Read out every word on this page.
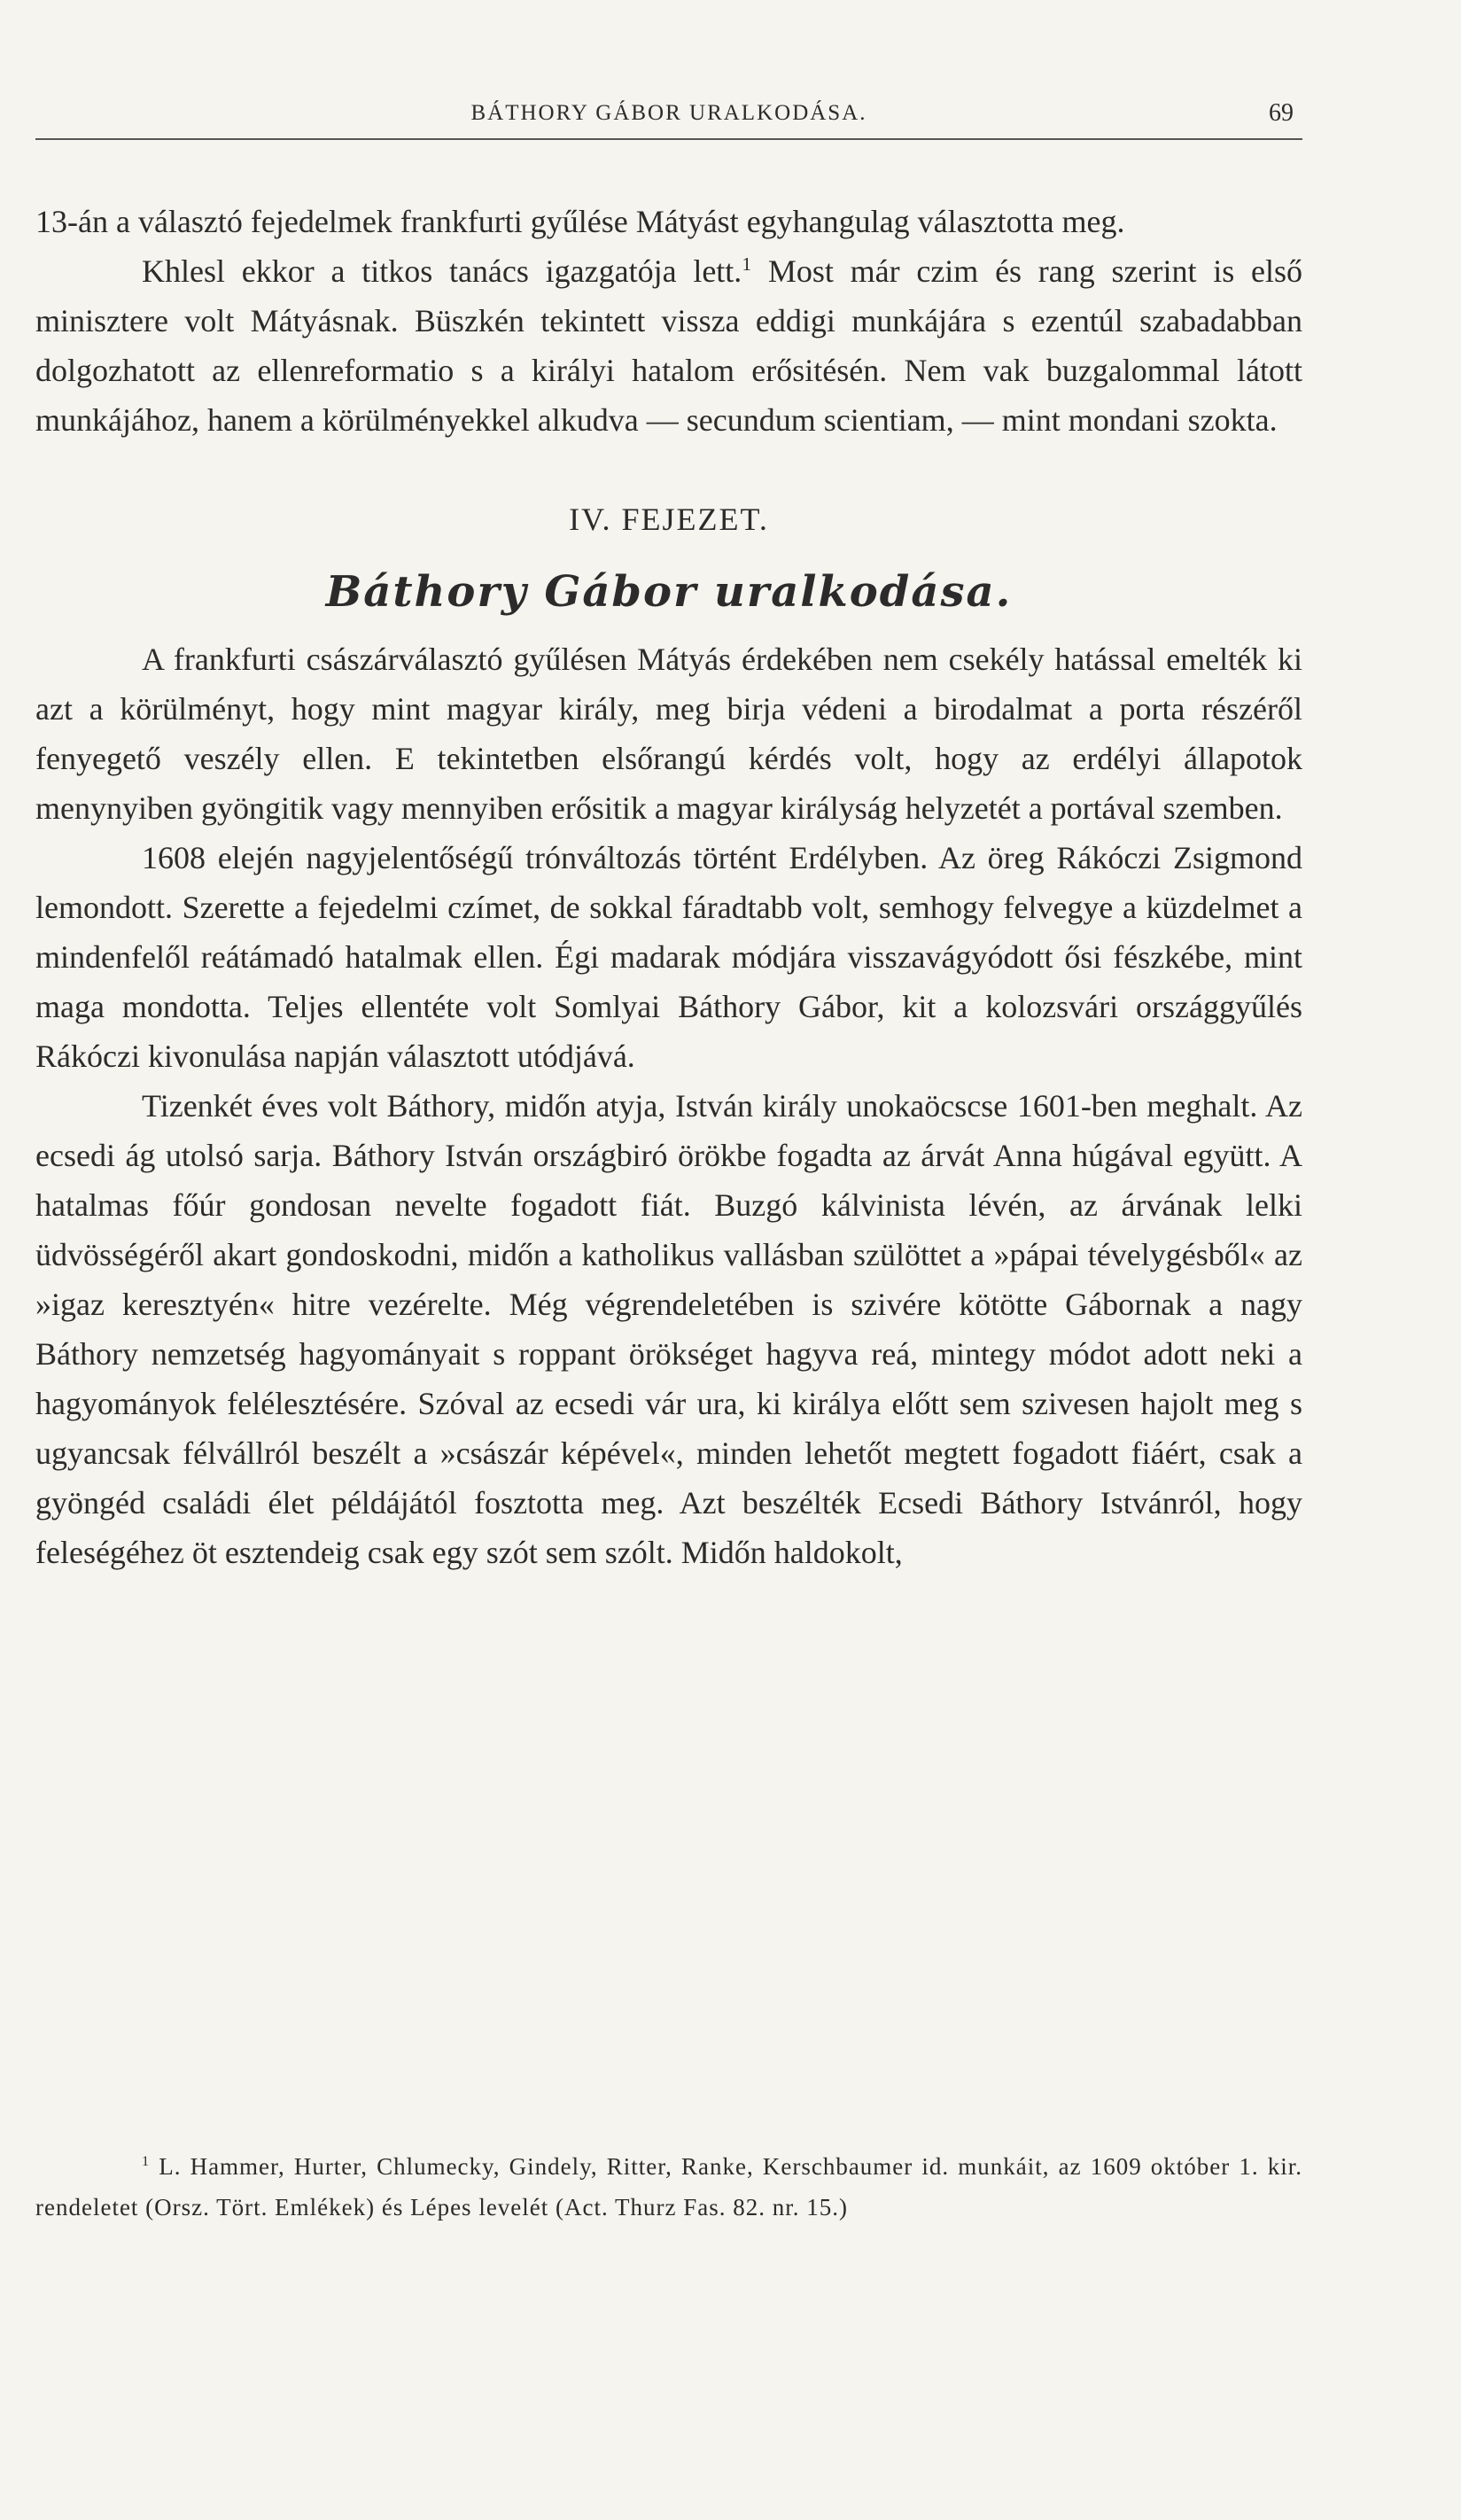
BÁTHORY GÁBOR URALKODÁSA.	69

13-án a választó fejedelmek frankfurti gyűlése Mátyást egyhangulag választotta meg.

Khlesl ekkor a titkos tanács igazgatója lett.$^1$ Most már czim és rang szerint is első minisztere volt Mátyásnak. Büszkén tekintett vissza eddigi munkájára s ezentúl szabadabban dolgozhatott az ellenreformatio s a királyi hatalom erősitésén. Nem vak buzgalommal látott munkájához, hanem a körülményekkel alkudva — secundum scientiam, — mint mondani szokta.

IV. FEJEZET.
Báthory Gábor uralkodása.

A frankfurti császárválasztó gyűlésen Mátyás érdekében nem csekély hatással emelték ki azt a körülményt, hogy mint magyar király, meg birja védeni a birodalmat a porta részéről fenyegető veszély ellen. E tekintetben elsőrangú kérdés volt, hogy az erdélyi állapotok menynyiben gyöngitik vagy mennyiben erősitik a magyar királyság helyzetét a portával szemben.

1608 elején nagyjelentőségű trónváltozás történt Erdélyben. Az öreg Rákóczi Zsigmond lemondott. Szerette a fejedelmi czímet, de sokkal fáradtabb volt, semhogy felvegye a küzdelmet a mindenfelől reátámadó hatalmak ellen. Égi madarak módjára visszavágyódott ősi fészkébe, mint maga mondotta. Teljes ellentéte volt Somlyai Báthory Gábor, kit a kolozsvári országgyűlés Rákóczi kivonulása napján választott utódjává.

Tizenkét éves volt Báthory, midőn atyja, István király unokaöcscse 1601-ben meghalt. Az ecsedi ág utolsó sarja. Báthory István országbiró örökbe fogadta az árvát Anna húgával együtt. A hatalmas főúr gondosan nevelte fogadott fiát. Buzgó kálvinista lévén, az árvának lelki üdvösségéről akart gondoskodni, midőn a katholikus vallásban szülöttet a »pápai tévelygésből« az »igaz keresztyén« hitre vezérelte. Még végrendeletében is szivére kötötte Gábornak a nagy Báthory nemzetség hagyományait s roppant örökséget hagyva reá, mintegy módot adott neki a hagyományok felélesztésére. Szóval az ecsedi vár ura, ki királya előtt sem szivesen hajolt meg s ugyancsak félvállról beszélt a »császár képével«, minden lehetőt megtett fogadott fiáért, csak a gyöngéd családi élet példájától fosztotta meg. Azt beszélték Ecsedi Báthory Istvánról, hogy feleségéhez öt esztendeig csak egy szót sem szólt. Midőn haldokolt,

$^1$ L. Hammer, Hurter, Chlumecky, Gindely, Ritter, Ranke, Kerschbaumer id. munkáit, az 1609 október 1. kir. rendeletet (Orsz. Tört. Emlékek) és Lépes levelét (Act. Thurz Fas. 82. nr. 15.)
